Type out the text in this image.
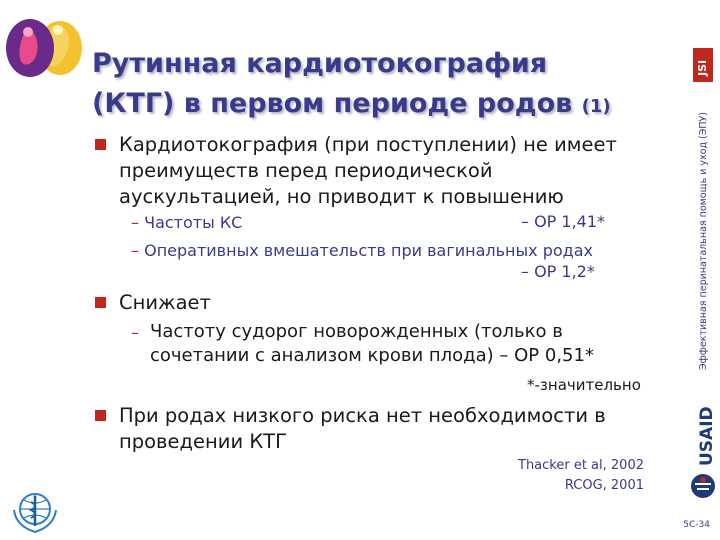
Рутинная кардиотокография
(КТГ) в первом периоде родов (1)
Кардиотокография (при поступлении) не имеет
преимуществ перед периодической
аускультацией, но приводит к повышению
– Частоты КС	– ОР 1,41*
– Оперативных вмешательств при вагинальных родах
– ОР 1,2*
Снижает
– Частоту судорог новорожденных (только в
сочетании с анализом крови плода) – ОР 0,51*
*-значительно
При родах низкого риска нет необходимости в
проведении КТГ
Thacker et al, 2002
RCOG, 2001
JSI
Эффективная перинатальная помощь и уход (ЭПУ)
USAID
5C-34
